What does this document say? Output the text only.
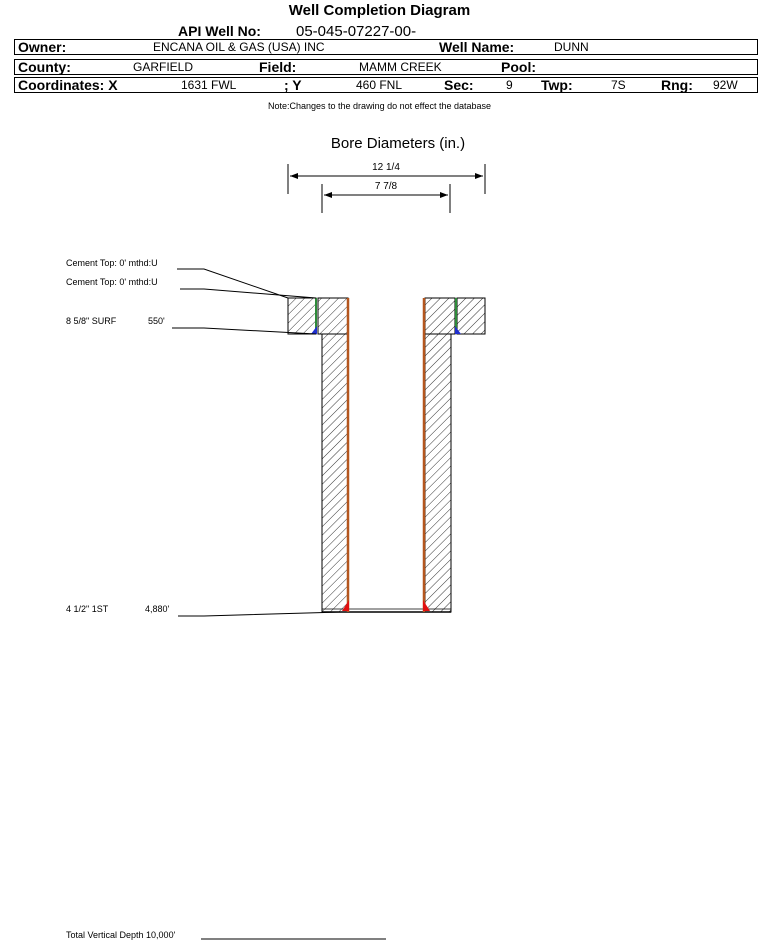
Well Completion Diagram
API Well No: 05-045-07227-00-
Owner:	ENCANA OIL & GAS (USA) INC	Well Name:	DUNN
County:	GARFIELD	Field:	MAMM CREEK	Pool:
Coordinates: X	1631 FWL	; Y	460 FNL	Sec:	9 Twp:	7S	Rng: 92W
Note:Changes to the drawing do not effect the database
Bore Diameters (in.)
12 1/4
7 7/8
Cement Top: 0' mthd:U
Cement Top: 0' mthd:U
8 5/8" SURF	550'
4 1/2" 1ST	4,880'
Total Vertical Depth 10,000'
